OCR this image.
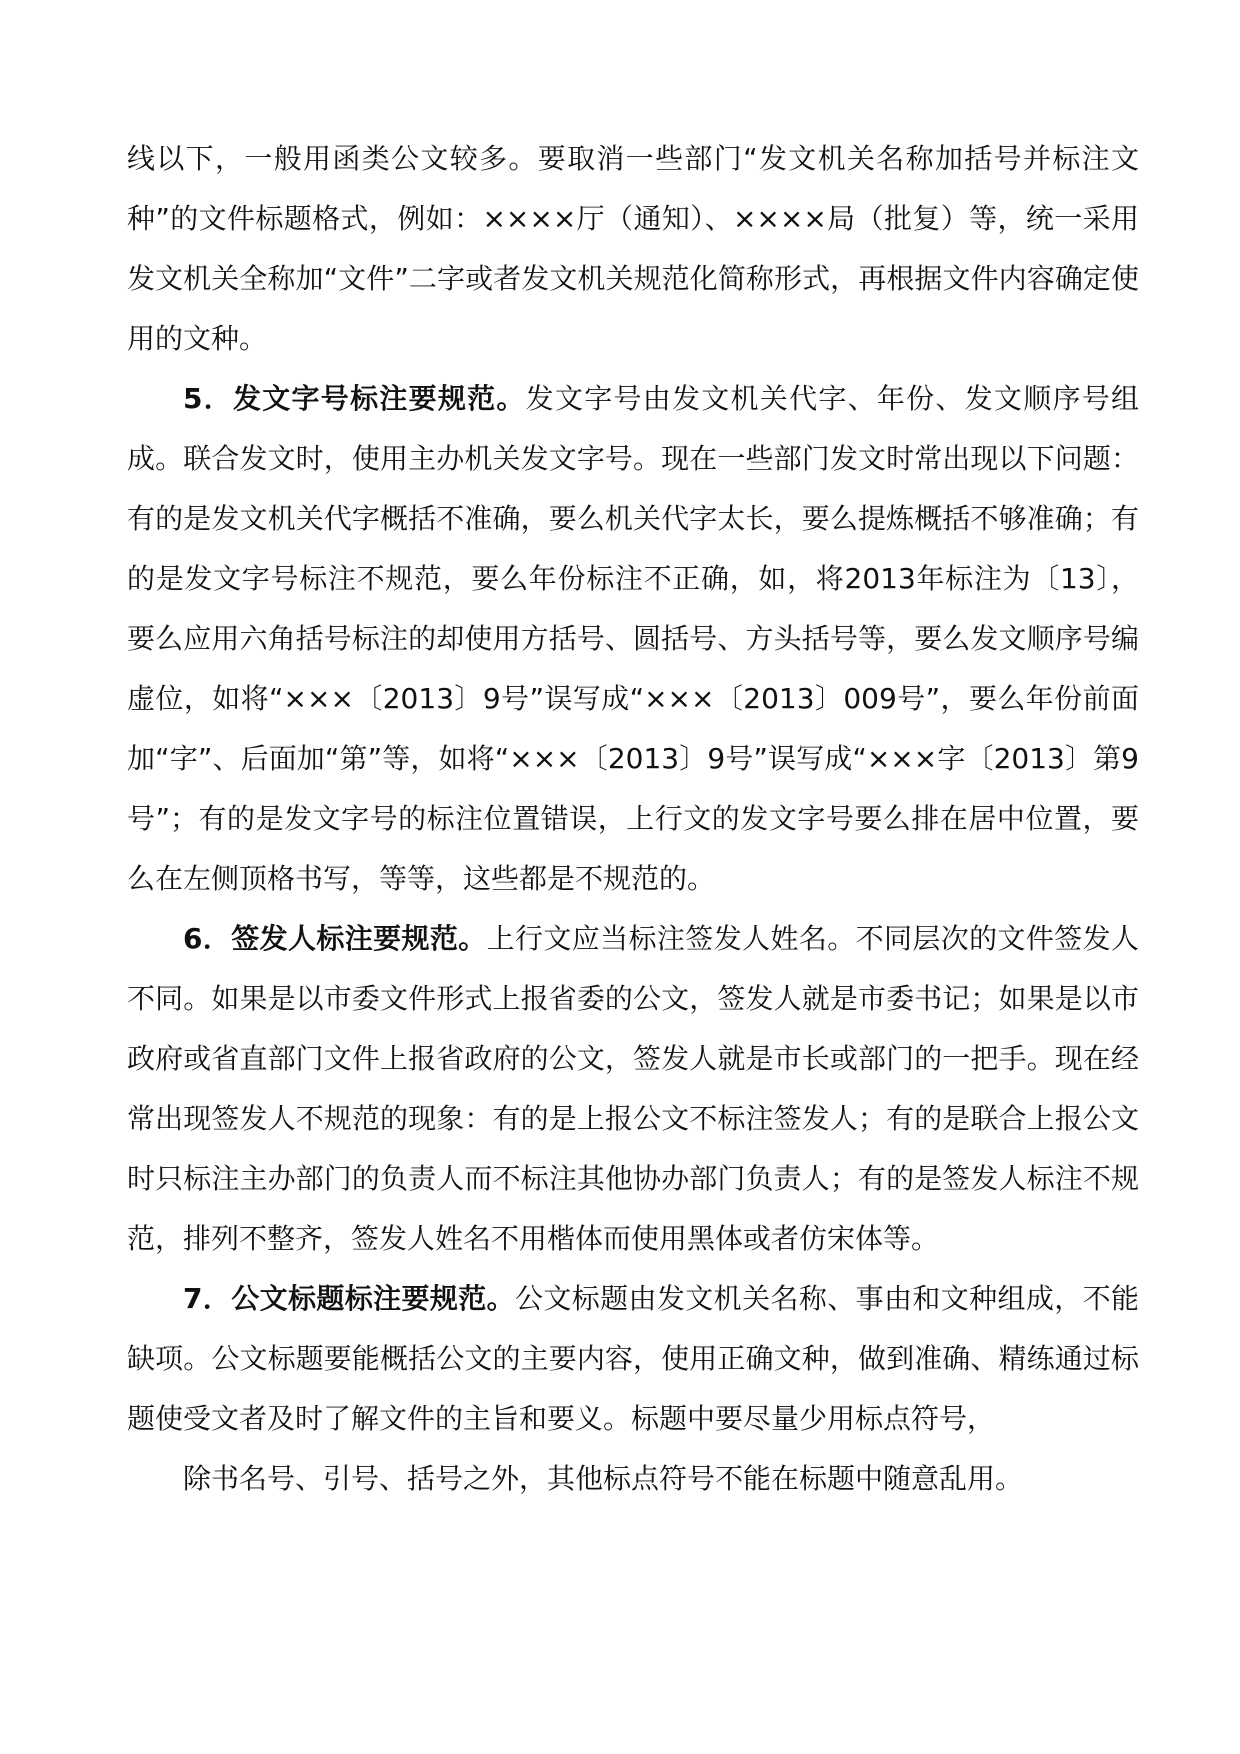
线以下，一般用函类公文较多。要取消一些部门“发文机关名称加括号并标注文种”的文件标题格式，例如：××××厅（通知）、××××局（批复）等，统一采用发文机关全称加“文件”二字或者发文机关规范化简称形式，再根据文件内容确定使用的文种。

5．发文字号标注要规范。发文字号由发文机关代字、年份、发文顺序号组成。联合发文时，使用主办机关发文字号。现在一些部门发文时常出现以下问题：有的是发文机关代字概括不准确，要么机关代字太长，要么提炼概括不够准确；有的是发文字号标注不规范，要么年份标注不正确，如，将2013年标注为〔13〕，要么应用六角括号标注的却使用方括号、圆括号、方头括号等，要么发文顺序号编虚位，如将“×××〔2013〕9号”误写成“×××〔2013〕009号”，要么年份前面加“字”、后面加“第”等，如将“×××〔2013〕9号”误写成“×××字〔2013〕第9号”；有的是发文字号的标注位置错误，上行文的发文字号要么排在居中位置，要么在左侧顶格书写，等等，这些都是不规范的。

6．签发人标注要规范。上行文应当标注签发人姓名。不同层次的文件签发人不同。如果是以市委文件形式上报省委的公文，签发人就是市委书记；如果是以市政府或省直部门文件上报省政府的公文，签发人就是市长或部门的一把手。现在经常出现签发人不规范的现象：有的是上报公文不标注签发人；有的是联合上报公文时只标注主办部门的负责人而不标注其他协办部门负责人；有的是签发人标注不规范，排列不整齐，签发人姓名不用楷体而使用黑体或者仿宋体等。

7．公文标题标注要规范。公文标题由发文机关名称、事由和文种组成，不能缺项。公文标题要能概括公文的主要内容，使用正确文种，做到准确、精练通过标题使受文者及时了解文件的主旨和要义。标题中要尽量少用标点符号，

除书名号、引号、括号之外，其他标点符号不能在标题中随意乱用。
